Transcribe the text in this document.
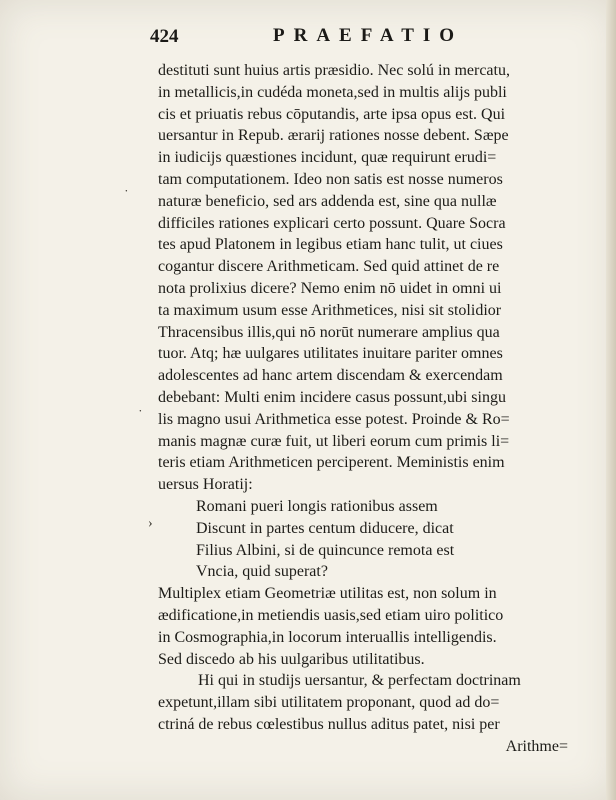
424	PRAEFATIO
˙
˙
›
destituti sunt huius artis præsidio. Nec solú in mercatu,
in metallicis,in cudéda moneta,sed in multis alijs publi
cis et priuatis rebus cōputandis, arte ipsa opus est. Qui
uersantur in Repub. ærarij rationes nosse debent. Sæpe
in iudicijs quæstiones incidunt, quæ requirunt erudi=
tam computationem. Ideo non satis est nosse numeros
naturæ beneficio, sed ars addenda est, sine qua nullæ
difficiles rationes explicari certo possunt. Quare Socra
tes apud Platonem in legibus etiam hanc tulit, ut ciues
cogantur discere Arithmeticam. Sed quid attinet de re
nota prolixius dicere? Nemo enim nō uidet in omni ui
ta maximum usum esse Arithmetices, nisi sit stolidior
Thracensibus illis,qui nō norūt numerare amplius qua
tuor. Atq; hæ uulgares utilitates inuitare pariter omnes
adolescentes ad hanc artem discendam & exercendam
debebant: Multi enim incidere casus possunt,ubi singu
lis magno usui Arithmetica esse potest. Proinde & Ro=
manis magnæ curæ fuit, ut liberi eorum cum primis li=
teris etiam Arithmeticen perciperent. Meministis enim
uersus Horatij:
Romani pueri longis rationibus assem
Discunt in partes centum diducere, dicat
Filius Albini, si de quincunce remota est
Vncia, quid superat?
Multiplex etiam Geometriæ utilitas est, non solum in
ædificatione,in metiendis uasis,sed etiam uiro politico
in Cosmographia,in locorum interuallis intelligendis.
Sed discedo ab his uulgaribus utilitatibus.
Hi qui in studijs uersantur, & perfectam doctrinam
expetunt,illam sibi utilitatem proponant, quod ad do=
ctriná de rebus cœlestibus nullus aditus patet, nisi per
Arithme=
